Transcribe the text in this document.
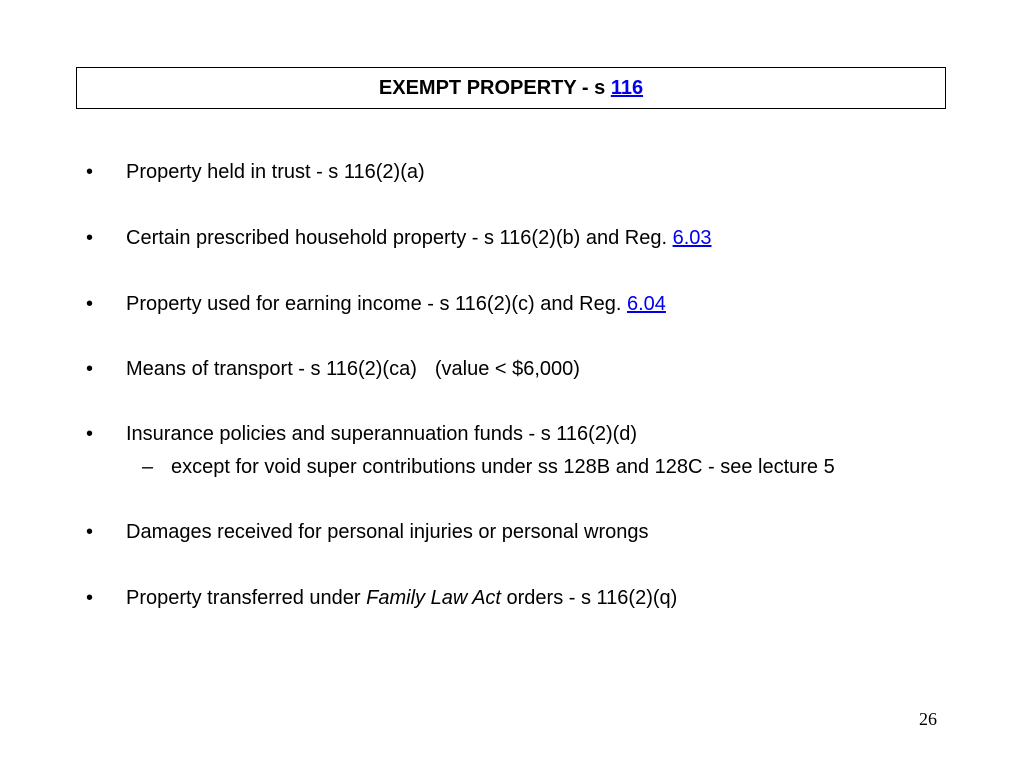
EXEMPT PROPERTY - s 116
• Property held in trust - s 116(2)(a)
• Certain prescribed household property - s 116(2)(b) and Reg. 6.03
• Property used for earning income - s 116(2)(c) and Reg. 6.04
• Means of transport - s 116(2)(ca) (value < $6,000)
• Insurance policies and superannuation funds - s 116(2)(d)
– except for void super contributions under ss 128B and 128C - see lecture 5
• Damages received for personal injuries or personal wrongs
• Property transferred under Family Law Act orders - s 116(2)(q)
26
